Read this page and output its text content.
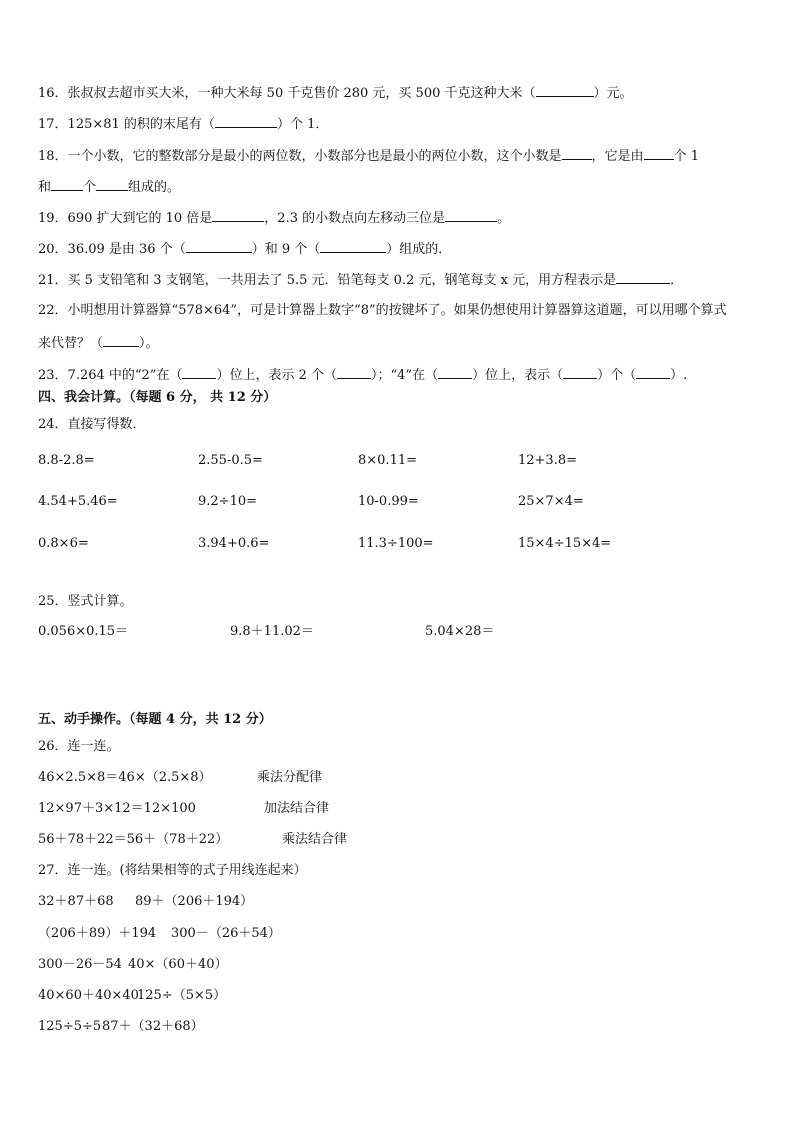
16．张叔叔去超市买大米，一种大米每 50 千克售价 280 元，买 500 千克这种大米（	）元。
17．125×81 的积的末尾有（	）个 1．
18．一个小数，它的整数部分是最小的两位数，小数部分也是最小的两位小数，这个小数是 ，它是由 个 1
和 个 组成的。
19．690 扩大到它的 10 倍是	，2.3 的小数点向左移动三位是	。
20．36.09 是由 36 个（	）和 9 个（	）组成的．
21．买 5 支铅笔和 3 支钢笔，一共用去了 5.5 元．铅笔每支 0.2 元，钢笔每支 x 元，用方程表示是	．
22．小明想用计算器算“578×64”，可是计算器上数字“8”的按键坏了。如果仍想使用计算器算这道题，可以用哪个算式
来代替？（	）。
23．7.264 中的“2”在（	）位上，表示 2 个（	）；“4”在（	）位上，表示（	）个（	）.
四、我会计算。（每题 6 分， 共 12 分）
24．直接写得数．
8.8-2.8=	2.55-0.5=	8×0.11=	12+3.8=
4.54+5.46=	9.2÷10=	10-0.99=	25×7×4=
0.8×6=	3.94+0.6=	11.3÷100=	15×4÷15×4=
25．竖式计算。
0.056×0.15＝	9.8＋11.02＝	5.04×28＝
五、动手操作。（每题 4 分，共 12 分）
26．连一连。
46×2.5×8＝46×（2.5×8）	乘法分配律
12×97＋3×12＝12×100	加法结合律
56＋78＋22＝56＋（78＋22）	乘法结合律
27．连一连。(将结果相等的式子用线连起来）
32＋87＋68 89＋（206＋194）
（206＋89）＋194 300－（26＋54）
300－26－54 40×（60＋40）
40×60＋40×40
125÷（5×5）
125÷5÷5 87＋（32＋68）
